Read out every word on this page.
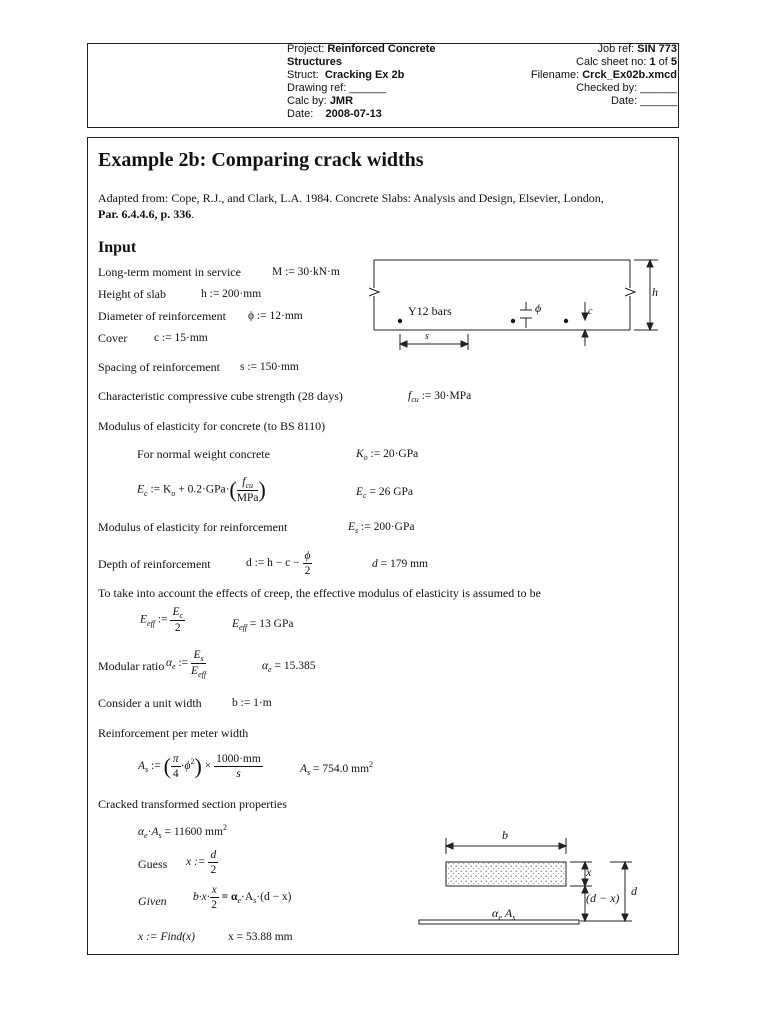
Project: Reinforced Concrete
Structures
Struct: Cracking Ex 2b
Drawing ref: ______
Calc by: JMR
Date: 2008-07-13
Job ref: SIN 773
Calc sheet no: 1 of 5
Filename: Crck_Ex02b.xmcd
Checked by: ______
Date: ______
Example 2b: Comparing crack widths
Adapted from: Cope, R.J., and Clark, L.A. 1984. Concrete Slabs: Analysis and Design, Elsevier, London,
Par. 6.4.4.6, p. 336.
Input
Long-term moment in service	M := 30·kN·m
Height of slab	h := 200·mm
Diameter of reinforcement ϕ := 12·mm
Cover c := 15·mm
Spacing of reinforcement s := 150·mm
Characteristic compressive cube strength (28 days)	$f_{cu}$ := 30·MPa
Modulus of elasticity for concrete (to BS 8110)
For normal weight concrete	$K_o$ := 20·GPa
$E_c$ := $K_o + 0.2\cdot GPa\cdot( \frac{f_{cu}}{\text{MPa}}$ )	$E_c = 26$ GPa
Modulus of elasticity for reinforcement	$E_s$ := 200·GPa
Depth of reinforcement	d := $h - c - \frac{\phi}{2}$	d = 179 mm
To take into account the effects of creep, the effective modulus of elasticity is assumed to be
$E_{eff}$ := $\frac{E_c}{2}$	$E_{eff} = 13$ GPa
Modular ratio $\alpha_e$ := $\frac{E_s}{E_{eff}}$	$\alpha_e = 15.385$
Consider a unit width	b := 1·m
Reinforcement per meter width
$A_s$ := ( $\frac{\pi}{4} \cdot\phi^2) \times \frac{1000\cdot mm}{s}$	$A_s = 754.0$ $mm^2$
Cracked transformed section properties
$\alpha_e\cdot A_s = 11600$ $mm^2$
Guess x := $\frac{d}{2}$
Given $b\cdot x\cdot \frac{x}{2} = \alpha_e\cdot A_s\cdot(d - x)$
x := Find(x)	x = 53.88 mm
Y12 bars
h
ϕ	c
s
b
x
(d − x) d
$\alpha_e$ $A_s$
